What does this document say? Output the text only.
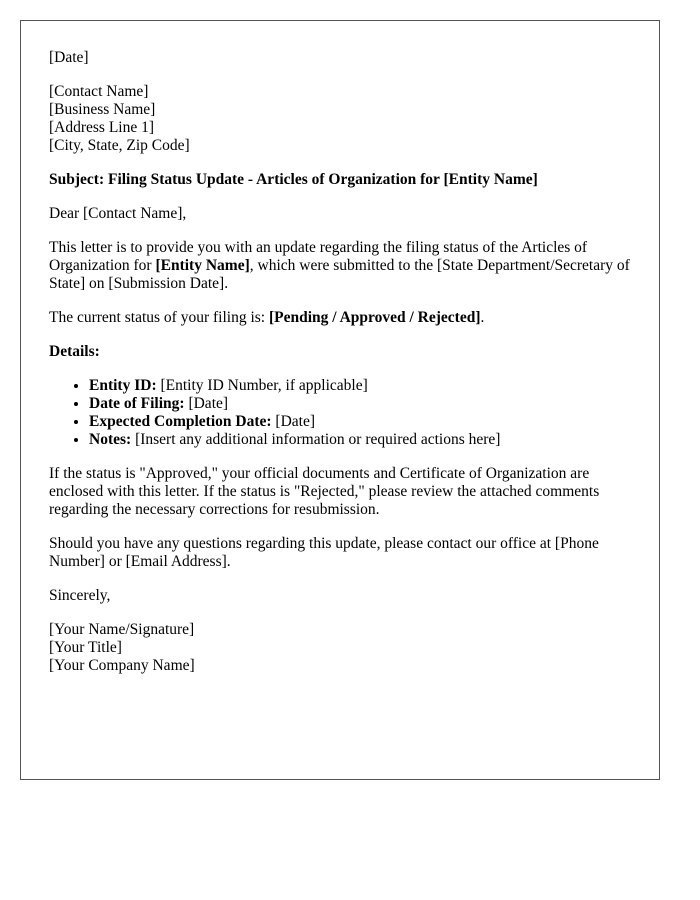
[Date]
[Contact Name]
[Business Name]
[Address Line 1]
[City, State, Zip Code]

Subject: Filing Status Update - Articles of Organization for [Entity Name]

Dear [Contact Name],

This letter is to provide you with an update regarding the filing status of the Articles of Organization for [Entity Name], which were submitted to the [State Department/Secretary of State] on [Submission Date].

The current status of your filing is: [Pending / Approved / Rejected].

Details:

• Entity ID: [Entity ID Number, if applicable]
• Date of Filing: [Date]
• Expected Completion Date: [Date]
• Notes: [Insert any additional information or required actions here]

If the status is "Approved," your official documents and Certificate of Organization are enclosed with this letter. If the status is "Rejected," please review the attached comments regarding the necessary corrections for resubmission.

Should you have any questions regarding this update, please contact our office at [Phone Number] or [Email Address].

Sincerely,

[Your Name/Signature]
[Your Title]
[Your Company Name]
